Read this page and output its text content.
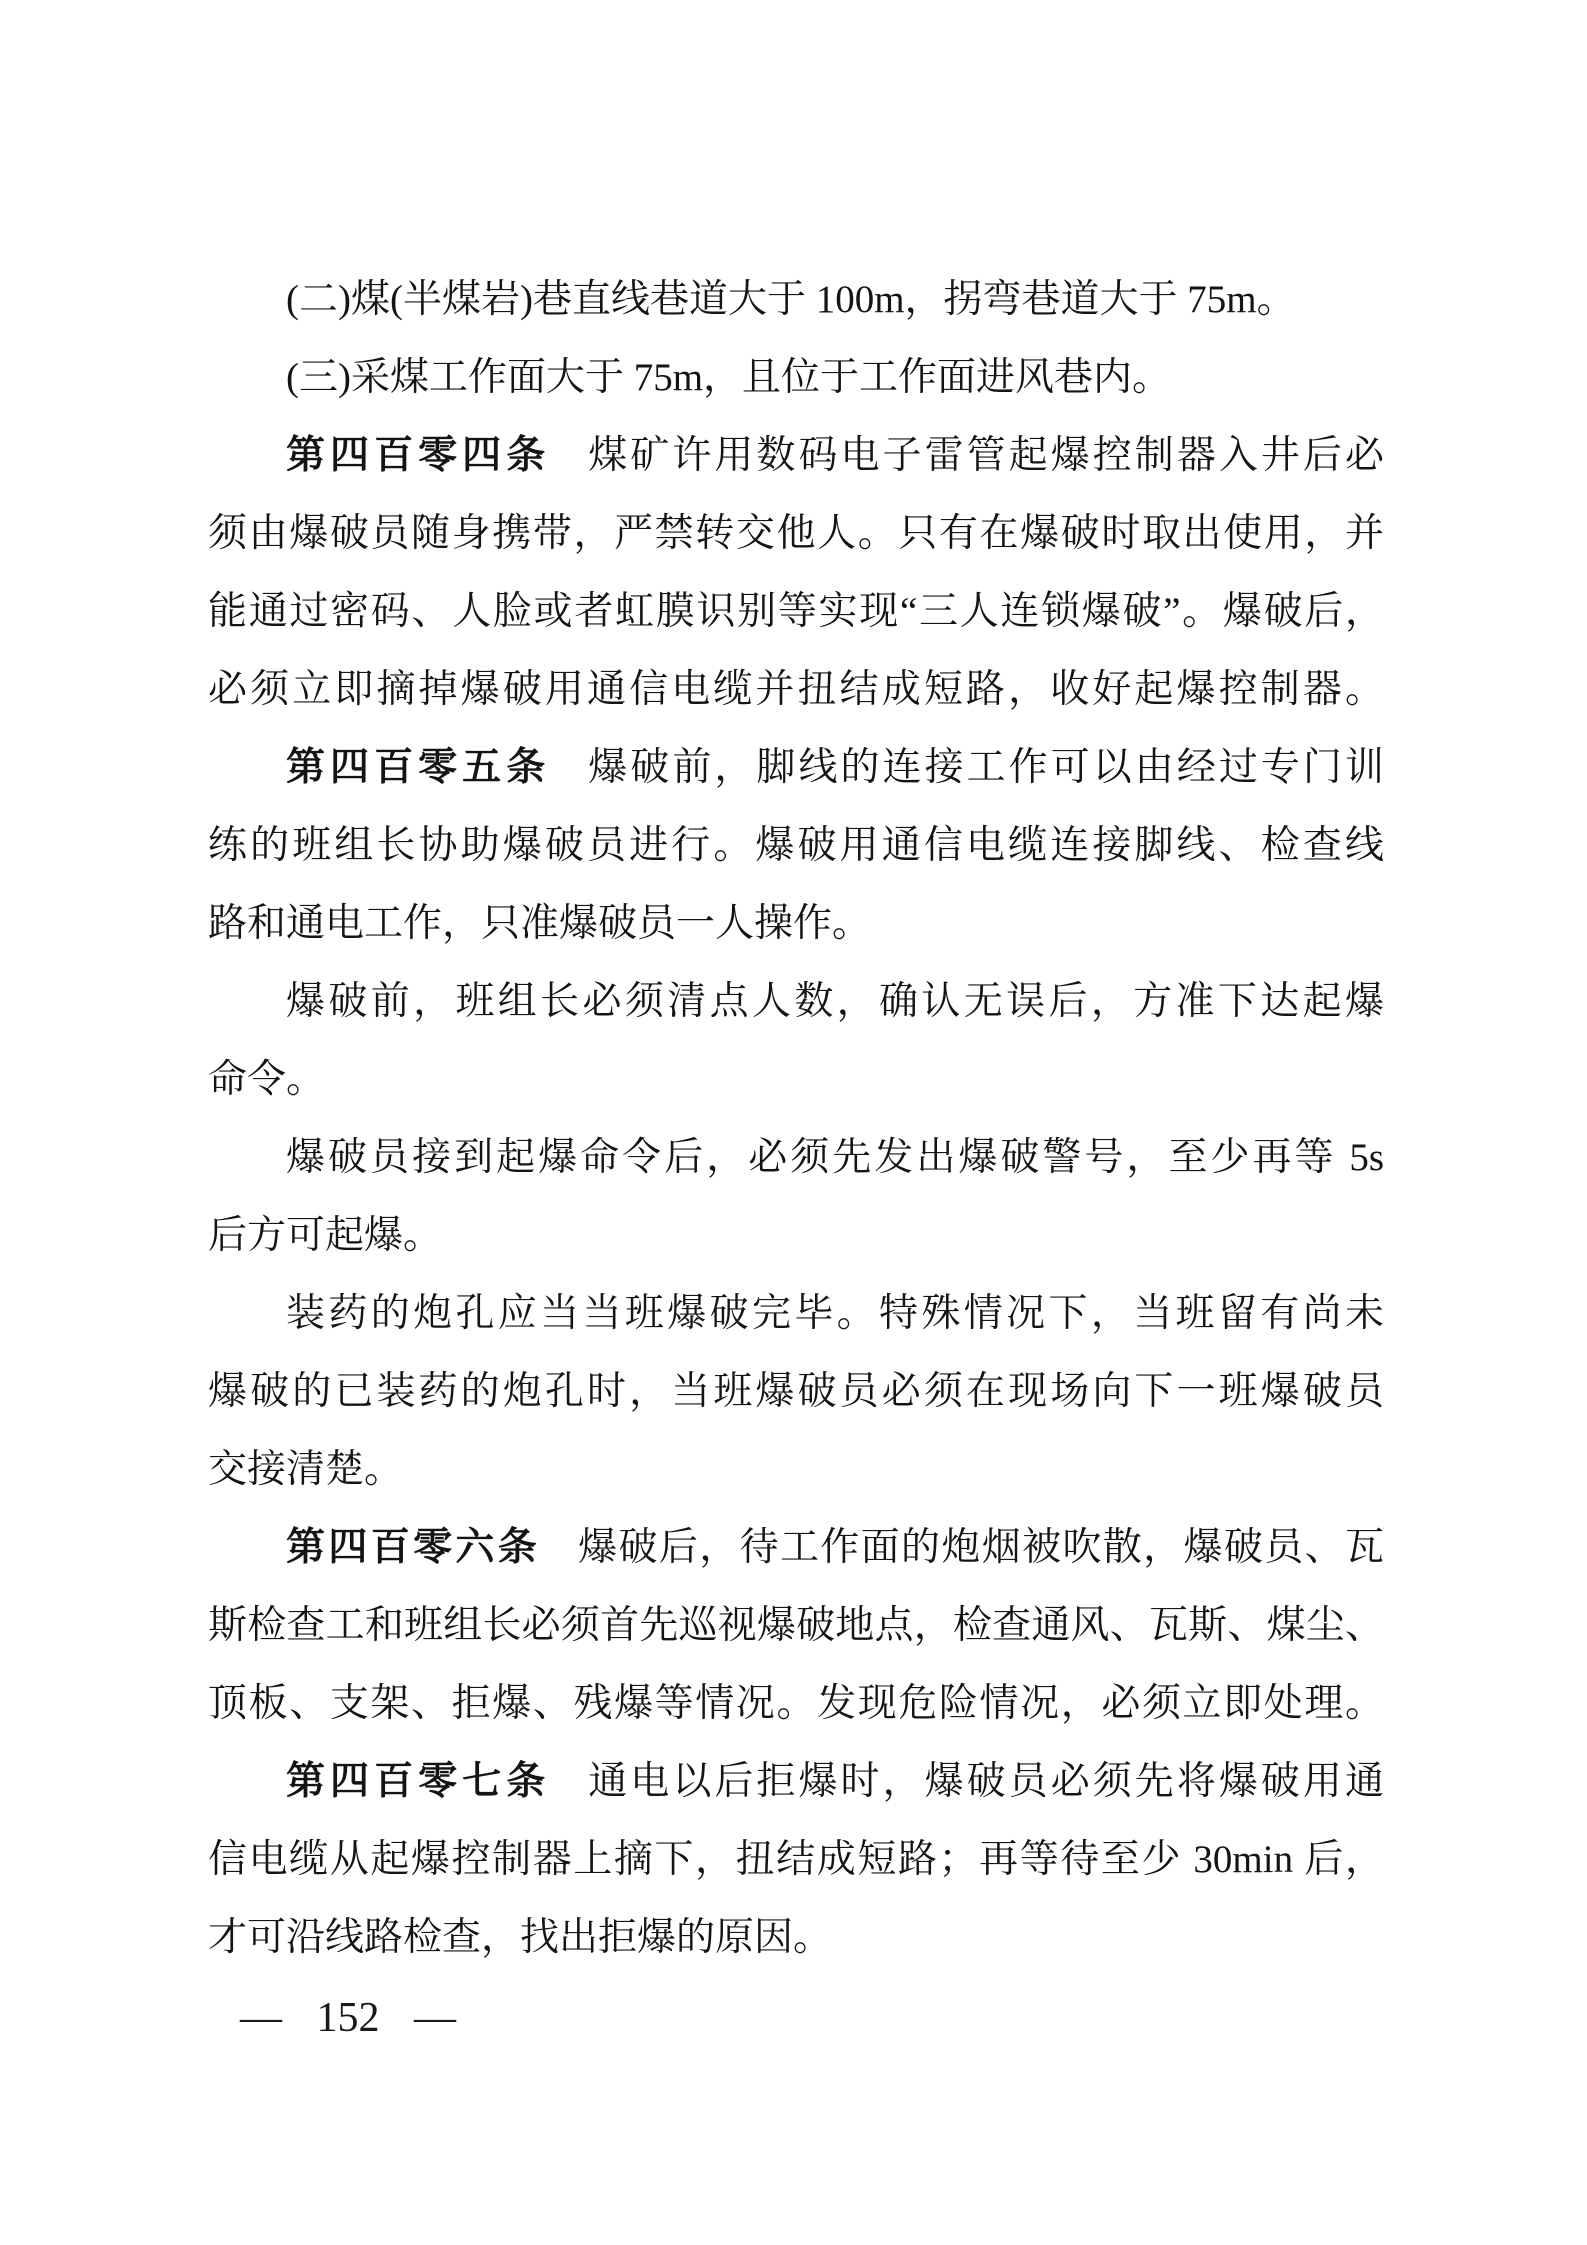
(二)煤(半煤岩)巷直线巷道大于 100m，拐弯巷道大于 75m。
(三)采煤工作面大于 75m，且位于工作面进风巷内。
第四百零四条 煤矿许用数码电子雷管起爆控制器入井后必
须由爆破员随身携带，严禁转交他人。只有在爆破时取出使用，并
能通过密码、人脸或者虹膜识别等实现“三人连锁爆破”。爆破后，
必须立即摘掉爆破用通信电缆并扭结成短路，收好起爆控制器。
第四百零五条 爆破前，脚线的连接工作可以由经过专门训
练的班组长协助爆破员进行。爆破用通信电缆连接脚线、检查线
路和通电工作，只准爆破员一人操作。
爆破前，班组长必须清点人数，确认无误后，方准下达起爆
命令。
爆破员接到起爆命令后，必须先发出爆破警号，至少再等 5s
后方可起爆。
装药的炮孔应当当班爆破完毕。特殊情况下，当班留有尚未
爆破的已装药的炮孔时，当班爆破员必须在现场向下一班爆破员
交接清楚。
第四百零六条 爆破后，待工作面的炮烟被吹散，爆破员、瓦
斯检查工和班组长必须首先巡视爆破地点，检查通风、瓦斯、煤尘、
顶板、支架、拒爆、残爆等情况。发现危险情况，必须立即处理。
第四百零七条 通电以后拒爆时，爆破员必须先将爆破用通
信电缆从起爆控制器上摘下，扭结成短路；再等待至少 30min 后，
才可沿线路检查，找出拒爆的原因。
— 152 —
